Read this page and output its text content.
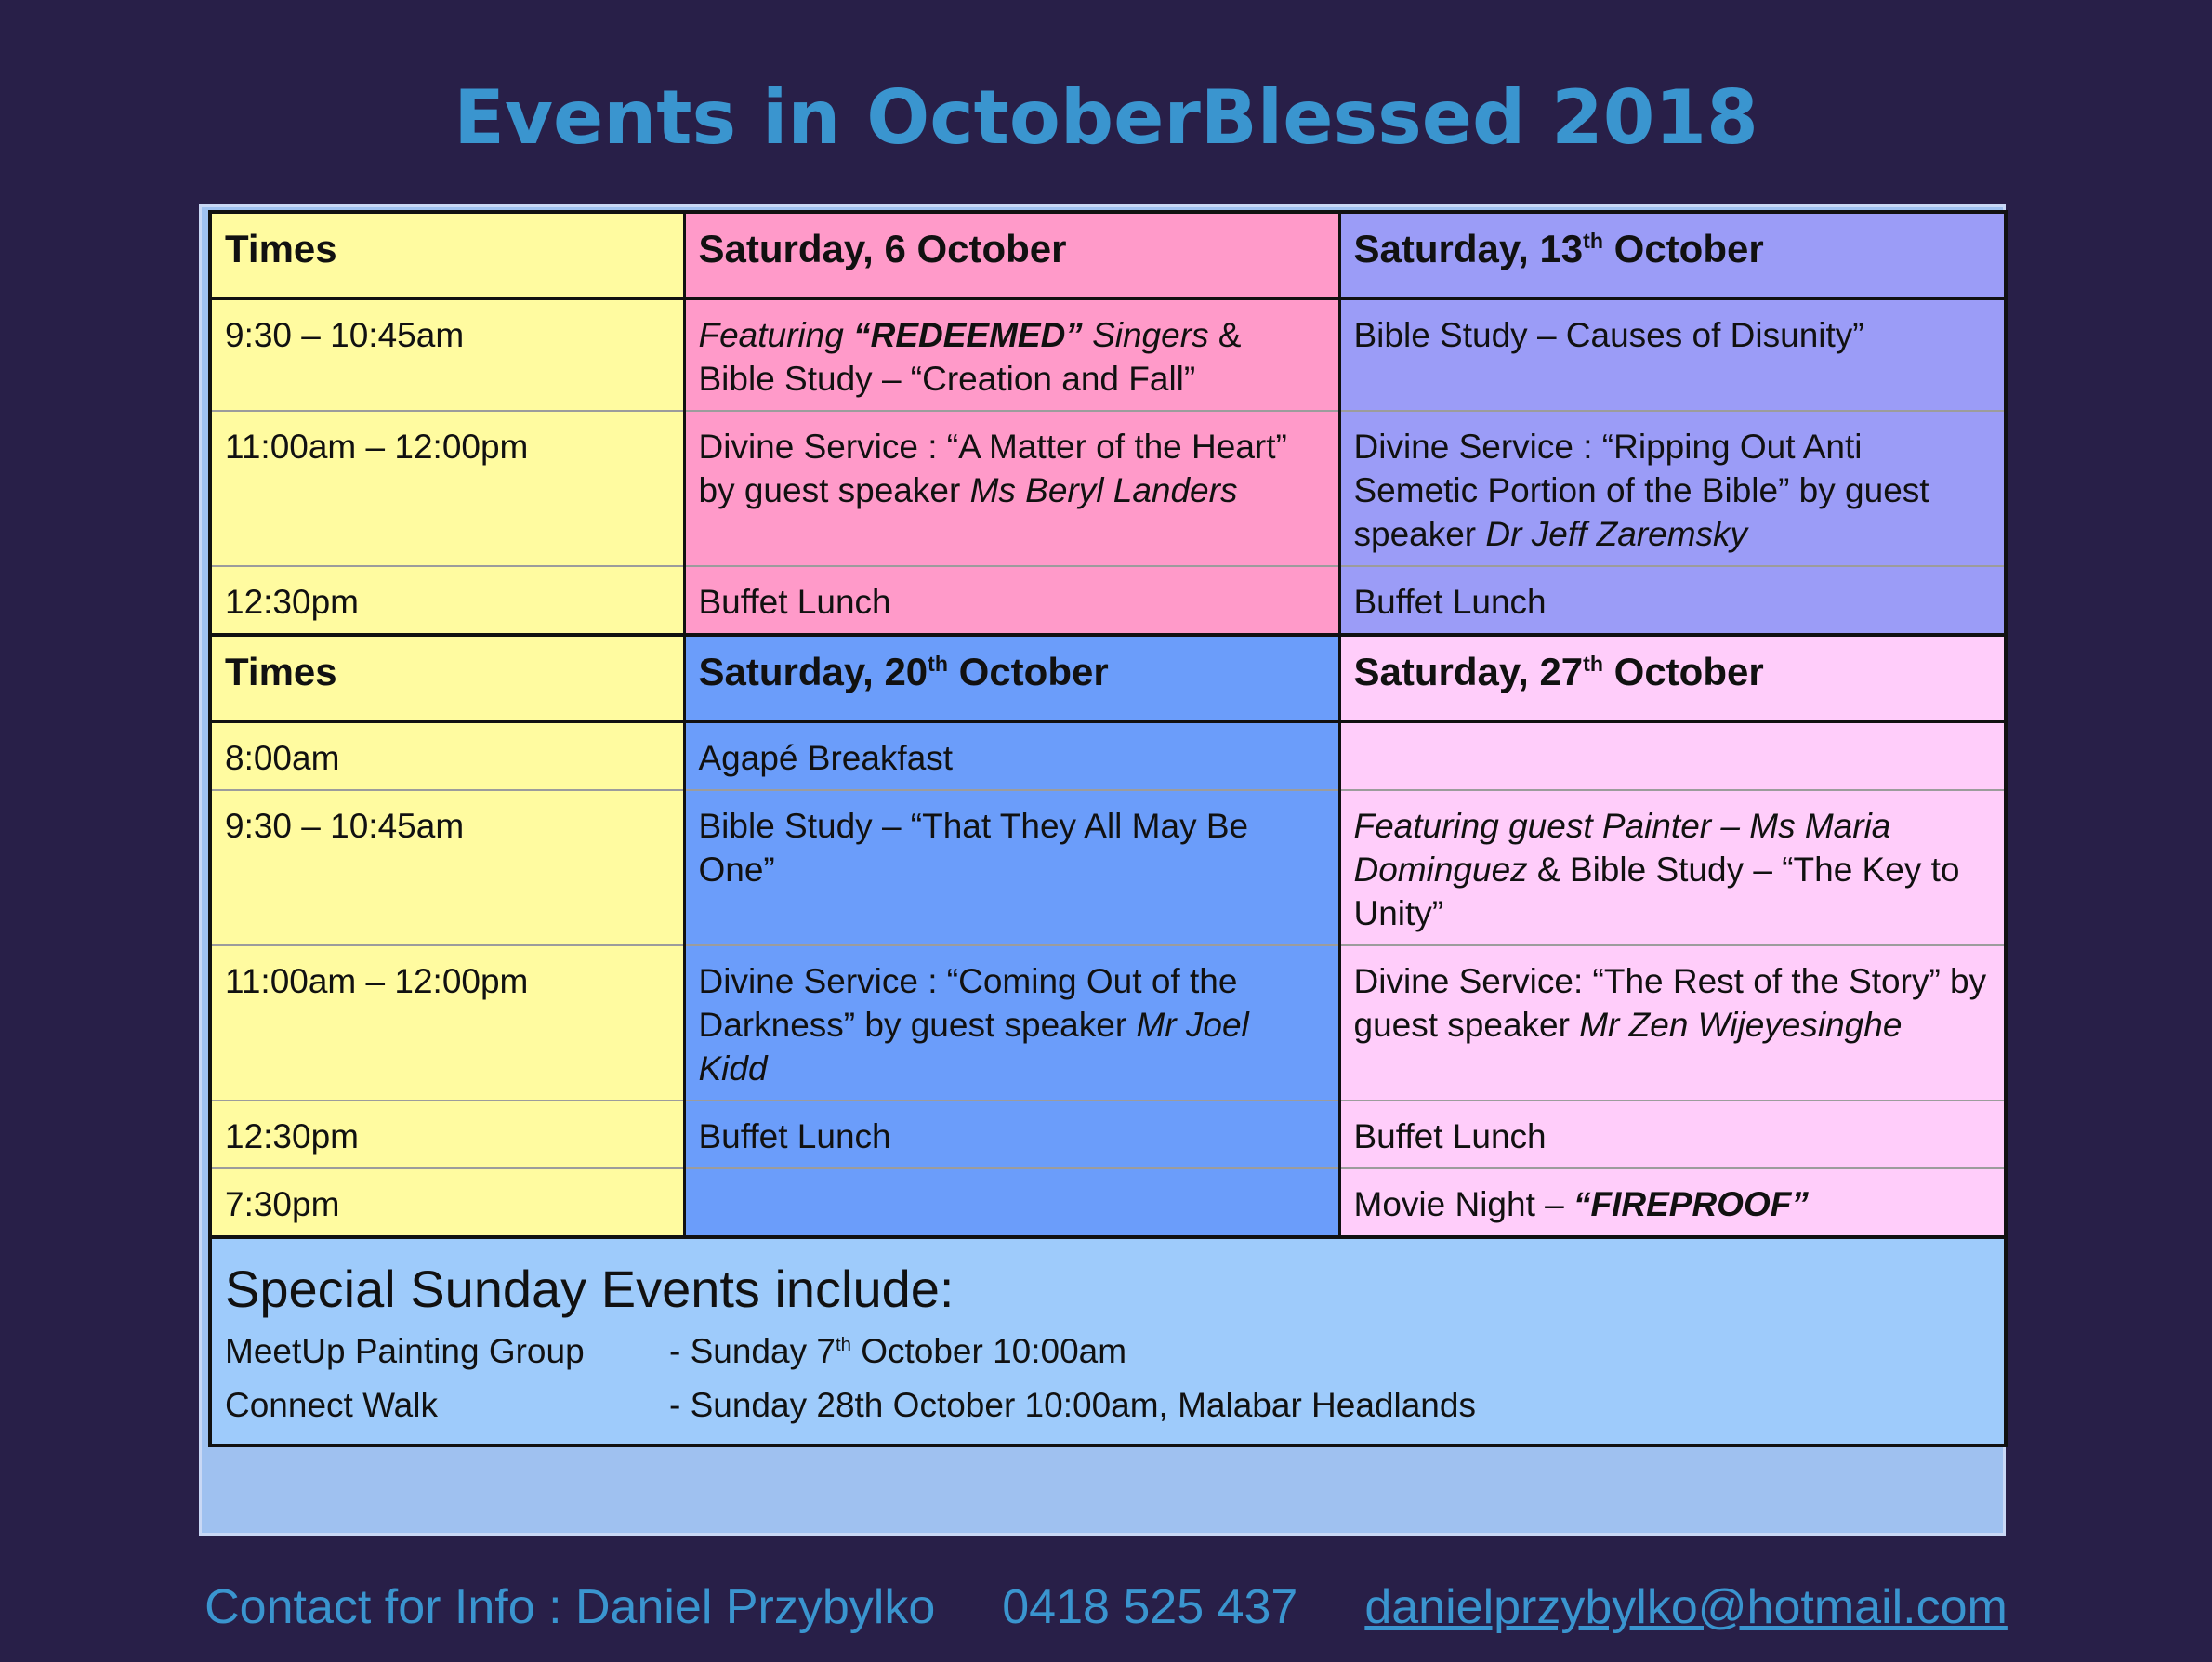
Events in OctoberBlessed 2018
Times	Saturday, 6 October	Saturday, 13th October
9:30 – 10:45am	Featuring “REDEEMED” Singers & Bible Study – “Creation and Fall”	Bible Study – Causes of Disunity”
11:00am – 12:00pm	Divine Service : “A Matter of the Heart” by guest speaker Ms Beryl Landers	Divine Service : “Ripping Out Anti Semetic Portion of the Bible” by guest speaker Dr Jeff Zaremsky
12:30pm	Buffet Lunch	Buffet Lunch
Times	Saturday, 20th October	Saturday, 27th October
8:00am	Agapé Breakfast	
9:30 – 10:45am	Bible Study – “That They All May Be One”	Featuring guest Painter – Ms Maria Dominguez & Bible Study – “The Key to Unity”
11:00am – 12:00pm	Divine Service : “Coming Out of the Darkness” by guest speaker Mr Joel Kidd	Divine Service: “The Rest of the Story” by guest speaker Mr Zen Wijeyesinghe
12:30pm	Buffet Lunch	Buffet Lunch
7:30pm		Movie Night – “FIREPROOF”

Special Sunday Events include:
MeetUp Painting Group - Sunday 7th October 10:00am
Connect Walk - Sunday 28th October 10:00am, Malabar Headlands		
Contact for Info : Daniel Przybylko 0418 525 437 danielprzybylko@hotmail.com
